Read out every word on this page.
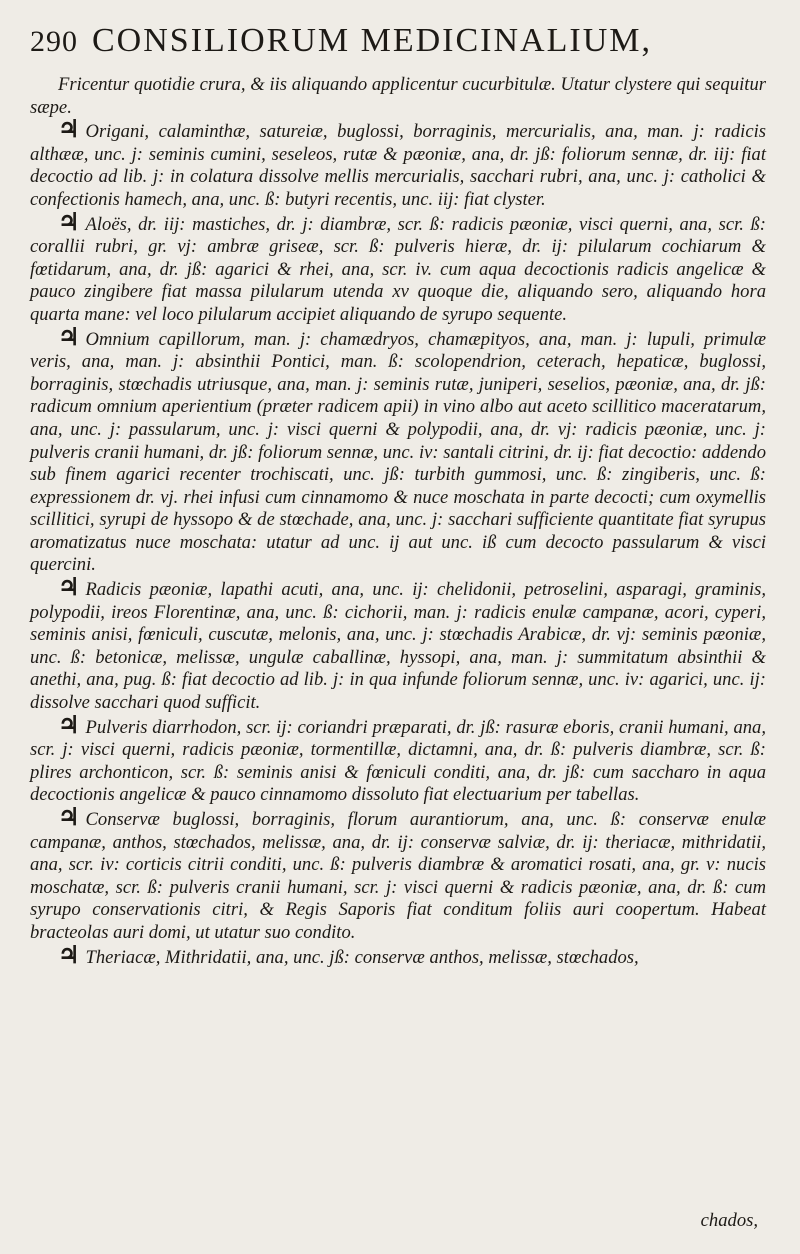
290 CONSILIORUM MEDICINALIUM,

Fricentur quotidie crura, & iis aliquando applicentur cucurbitulæ. Utatur clystere qui sequitur sæpe.

♃ Origani, calaminthæ, satureiæ, buglossi, borraginis, mercurialis, ana, man. j: radicis althææ, unc. j: seminis cumini, seseleos, rutæ & pæoniæ, ana, dr. jß: foliorum sennæ, dr. iij: fiat decoctio ad lib. j: in colatura dissolve mellis mercurialis, sacchari rubri, ana, unc. j: catholici & confectionis hamech, ana, unc. ß: butyri recentis, unc. iij: fiat clyster.

♃ Aloës, dr. iij: mastiches, dr. j: diambræ, scr. ß: radicis pæoniæ, visci querni, ana, scr. ß: corallii rubri, gr. vj: ambræ griseæ, scr. ß: pulveris hieræ, dr. ij: pilularum cochiarum & fœtidarum, ana, dr. jß: agarici & rhei, ana, scr. iv. cum aqua decoctionis radicis angelicæ & pauco zingibere fiat massa pilularum utenda xv quoque die, aliquando sero, aliquando hora quarta mane: vel loco pilularum accipiet aliquando de syrupo sequente.

♃ Omnium capillorum, man. j: chamædryos, chamæpityos, ana, man. j: lupuli, primulæ veris, ana, man. j: absinthii Pontici, man. ß: scolopendrion, ceterach, hepaticæ, buglossi, borraginis, stœchadis utriusque, ana, man. j: seminis rutæ, juniperi, seselios, pæoniæ, ana, dr. jß: radicum omnium aperientium (præter radicem apii) in vino albo aut aceto scillitico maceratarum, ana, unc. j: passularum, unc. j: visci querni & polypodii, ana, dr. vj: radicis pæoniæ, unc. j: pulveris cranii humani, dr. jß: foliorum sennæ, unc. iv: santali citrini, dr. ij: fiat decoctio: addendo sub finem agarici recenter trochiscati, unc. jß: turbith gummosi, unc. ß: zingiberis, unc. ß: expressionem dr. vj. rhei infusi cum cinnamomo & nuce moschata in parte decocti; cum oxymellis scillitici, syrupi de hyssopo & de stœchade, ana, unc. j: sacchari sufficiente quantitate fiat syrupus aromatizatus nuce moschata: utatur ad unc. ij aut unc. iß cum decocto passularum & visci quercini.

♃ Radicis pæoniæ, lapathi acuti, ana, unc. ij: chelidonii, petroselini, asparagi, graminis, polypodii, ireos Florentinæ, ana, unc. ß: cichorii, man. j: radicis enulæ campanæ, acori, cyperi, seminis anisi, fœniculi, cuscutæ, melonis, ana, unc. j: stœchadis Arabicæ, dr. vj: seminis pæoniæ, unc. ß: betonicæ, melissæ, ungulæ caballinæ, hyssopi, ana, man. j: summitatum absinthii & anethi, ana, pug. ß: fiat decoctio ad lib. j: in qua infunde foliorum sennæ, unc. iv: agarici, unc. ij: dissolve sacchari quod sufficit.

♃ Pulveris diarrhodon, scr. ij: coriandri præparati, dr. jß: rasuræ eboris, cranii humani, ana, scr. j: visci querni, radicis pæoniæ, tormentillæ, dictamni, ana, dr. ß: pulveris diambræ, scr. ß: plires archonticon, scr. ß: seminis anisi & fœniculi conditi, ana, dr. jß: cum saccharo in aqua decoctionis angelicæ & pauco cinnamomo dissoluto fiat electuarium per tabellas.

♃ Conservæ buglossi, borraginis, florum aurantiorum, ana, unc. ß: conservæ enulæ campanæ, anthos, stœchados, melissæ, ana, dr. ij: conservæ salviæ, dr. ij: theriacæ, mithridatii, ana, scr. iv: corticis citrii conditi, unc. ß: pulveris diambræ & aromatici rosati, ana, gr. v: nucis moschatæ, scr. ß: pulveris cranii humani, scr. j: visci querni & radicis pæoniæ, ana, dr. ß: cum syrupo conservationis citri, & Regis Saporis fiat conditum foliis auri coopertum. Habeat bracteolas auri domi, ut utatur suo condito.

♃ Theriacæ, Mithridatii, ana, unc. jß: conservæ anthos, melissæ, stœchados,

chados,
